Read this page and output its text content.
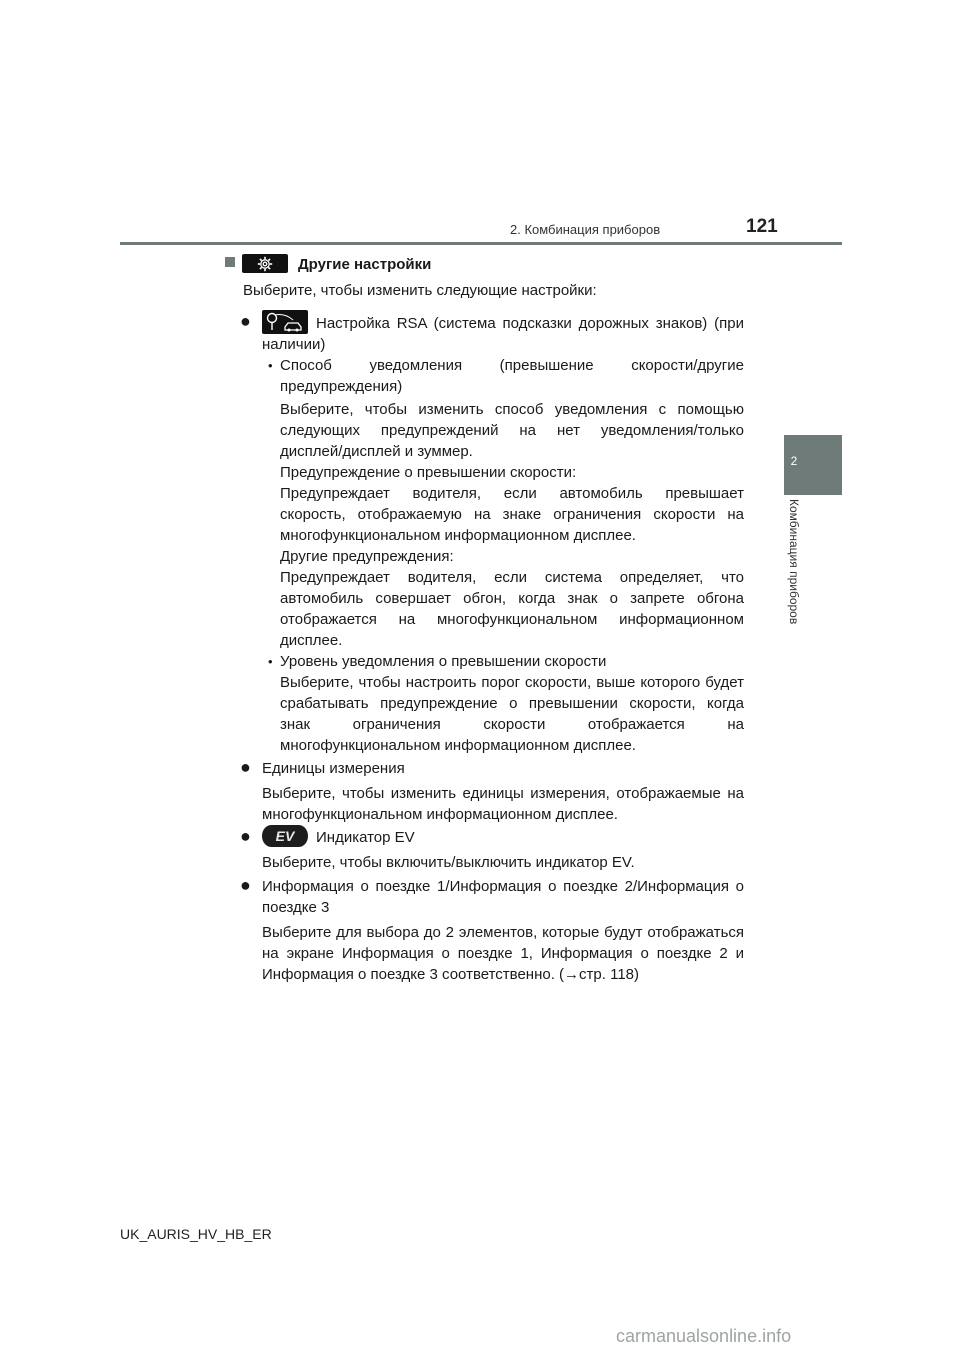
2. Комбинация приборов	121
2
Комбинация приборов
Другие настройки
Выберите, чтобы изменить следующие настройки:
●	Настройка RSA (система подсказки дорожных знаков) (при
наличии)
• Способ уведомления (превышение скорости/другие
предупреждения)
Выберите, чтобы изменить способ уведомления с помощью
следующих предупреждений на нет уведомления/только
дисплей/дисплей и зуммер.
Предупреждение о превышении скорости:
Предупреждает водителя, если автомобиль превышает
скорость, отображаемую на знаке ограничения скорости на
многофункциональном информационном дисплее.
Другие предупреждения:
Предупреждает водителя, если система определяет, что
автомобиль совершает обгон, когда знак о запрете обгона
отображается на многофункциональном информационном
дисплее.
• Уровень уведомления о превышении скорости
Выберите, чтобы настроить порог скорости, выше которого будет
срабатывать предупреждение о превышении скорости, когда
знак ограничения скорости отображается на
многофункциональном информационном дисплее.
● Единицы измерения
Выберите, чтобы изменить единицы измерения, отображаемые на
многофункциональном информационном дисплее.
● EV Индикатор EV
Выберите, чтобы включить/выключить индикатор EV.
● Информация о поездке 1/Информация о поездке 2/Информация о
поездке 3
Выберите для выбора до 2 элементов, которые будут отображаться
на экране Информация о поездке 1, Информация о поездке 2 и
Информация о поездке 3 соответственно. (→стр. 118)
UK_AURIS_HV_HB_ER
carmanualsonline.info
